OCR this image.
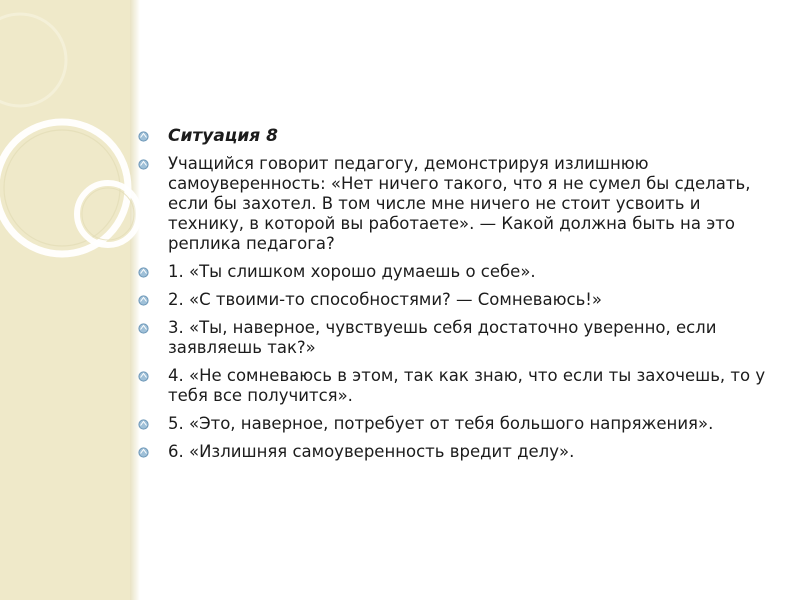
Ситуация 8
Учащийся говорит педагогу, демонстрируя излишнюю самоуверенность: «Нет ничего такого, что я не сумел бы сделать, если бы захотел. В том числе мне ничего не стоит усвоить и технику, в которой вы работаете». — Какой должна быть на это реплика педагога?
1. «Ты слишком хорошо думаешь о себе».
2. «С твоими-то способностями? — Сомневаюсь!»
3. «Ты, наверное, чувствуешь себя достаточно уверенно, если заявляешь так?»
4. «Не сомневаюсь в этом, так как знаю, что если ты захочешь, то у тебя все получится».
5. «Это, наверное, потребует от тебя большого напряжения».
6. «Излишняя самоуверенность вредит делу».
